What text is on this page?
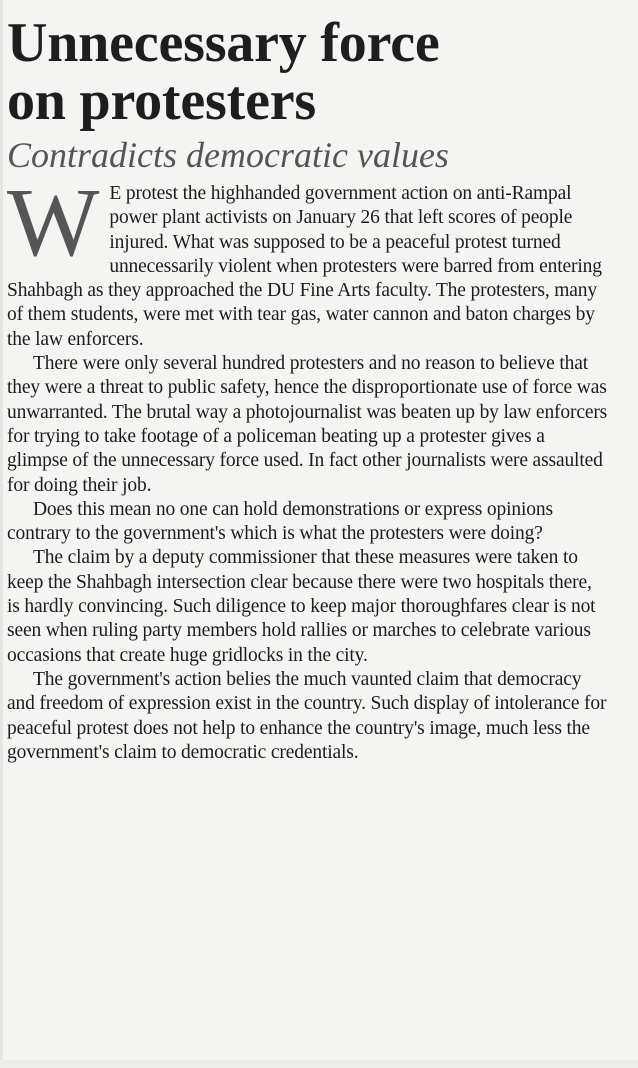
Unnecessary force
on protesters
Contradicts democratic values

W E protest the highhanded government action on anti-Rampal power plant activists on January 26 that left scores of people injured. What was supposed to be a peaceful protest turned unnecessarily violent when protesters were barred from entering Shahbagh as they approached the DU Fine Arts faculty. The protesters, many of them students, were met with tear gas, water cannon and baton charges by the law enforcers.

There were only several hundred protesters and no reason to believe that they were a threat to public safety, hence the disproportionate use of force was unwarranted. The brutal way a photojournalist was beaten up by law enforcers for trying to take footage of a policeman beating up a protester gives a glimpse of the unnecessary force used. In fact other journalists were assaulted for doing their job.

Does this mean no one can hold demonstrations or express opinions contrary to the government's which is what the protesters were doing?

The claim by a deputy commissioner that these measures were taken to keep the Shahbagh intersection clear because there were two hospitals there, is hardly convincing. Such diligence to keep major thoroughfares clear is not seen when ruling party members hold rallies or marches to celebrate various occasions that create huge gridlocks in the city.

The government's action belies the much vaunted claim that democracy and freedom of expression exist in the country. Such display of intolerance for peaceful protest does not help to enhance the country's image, much less the government's claim to democratic credentials.
